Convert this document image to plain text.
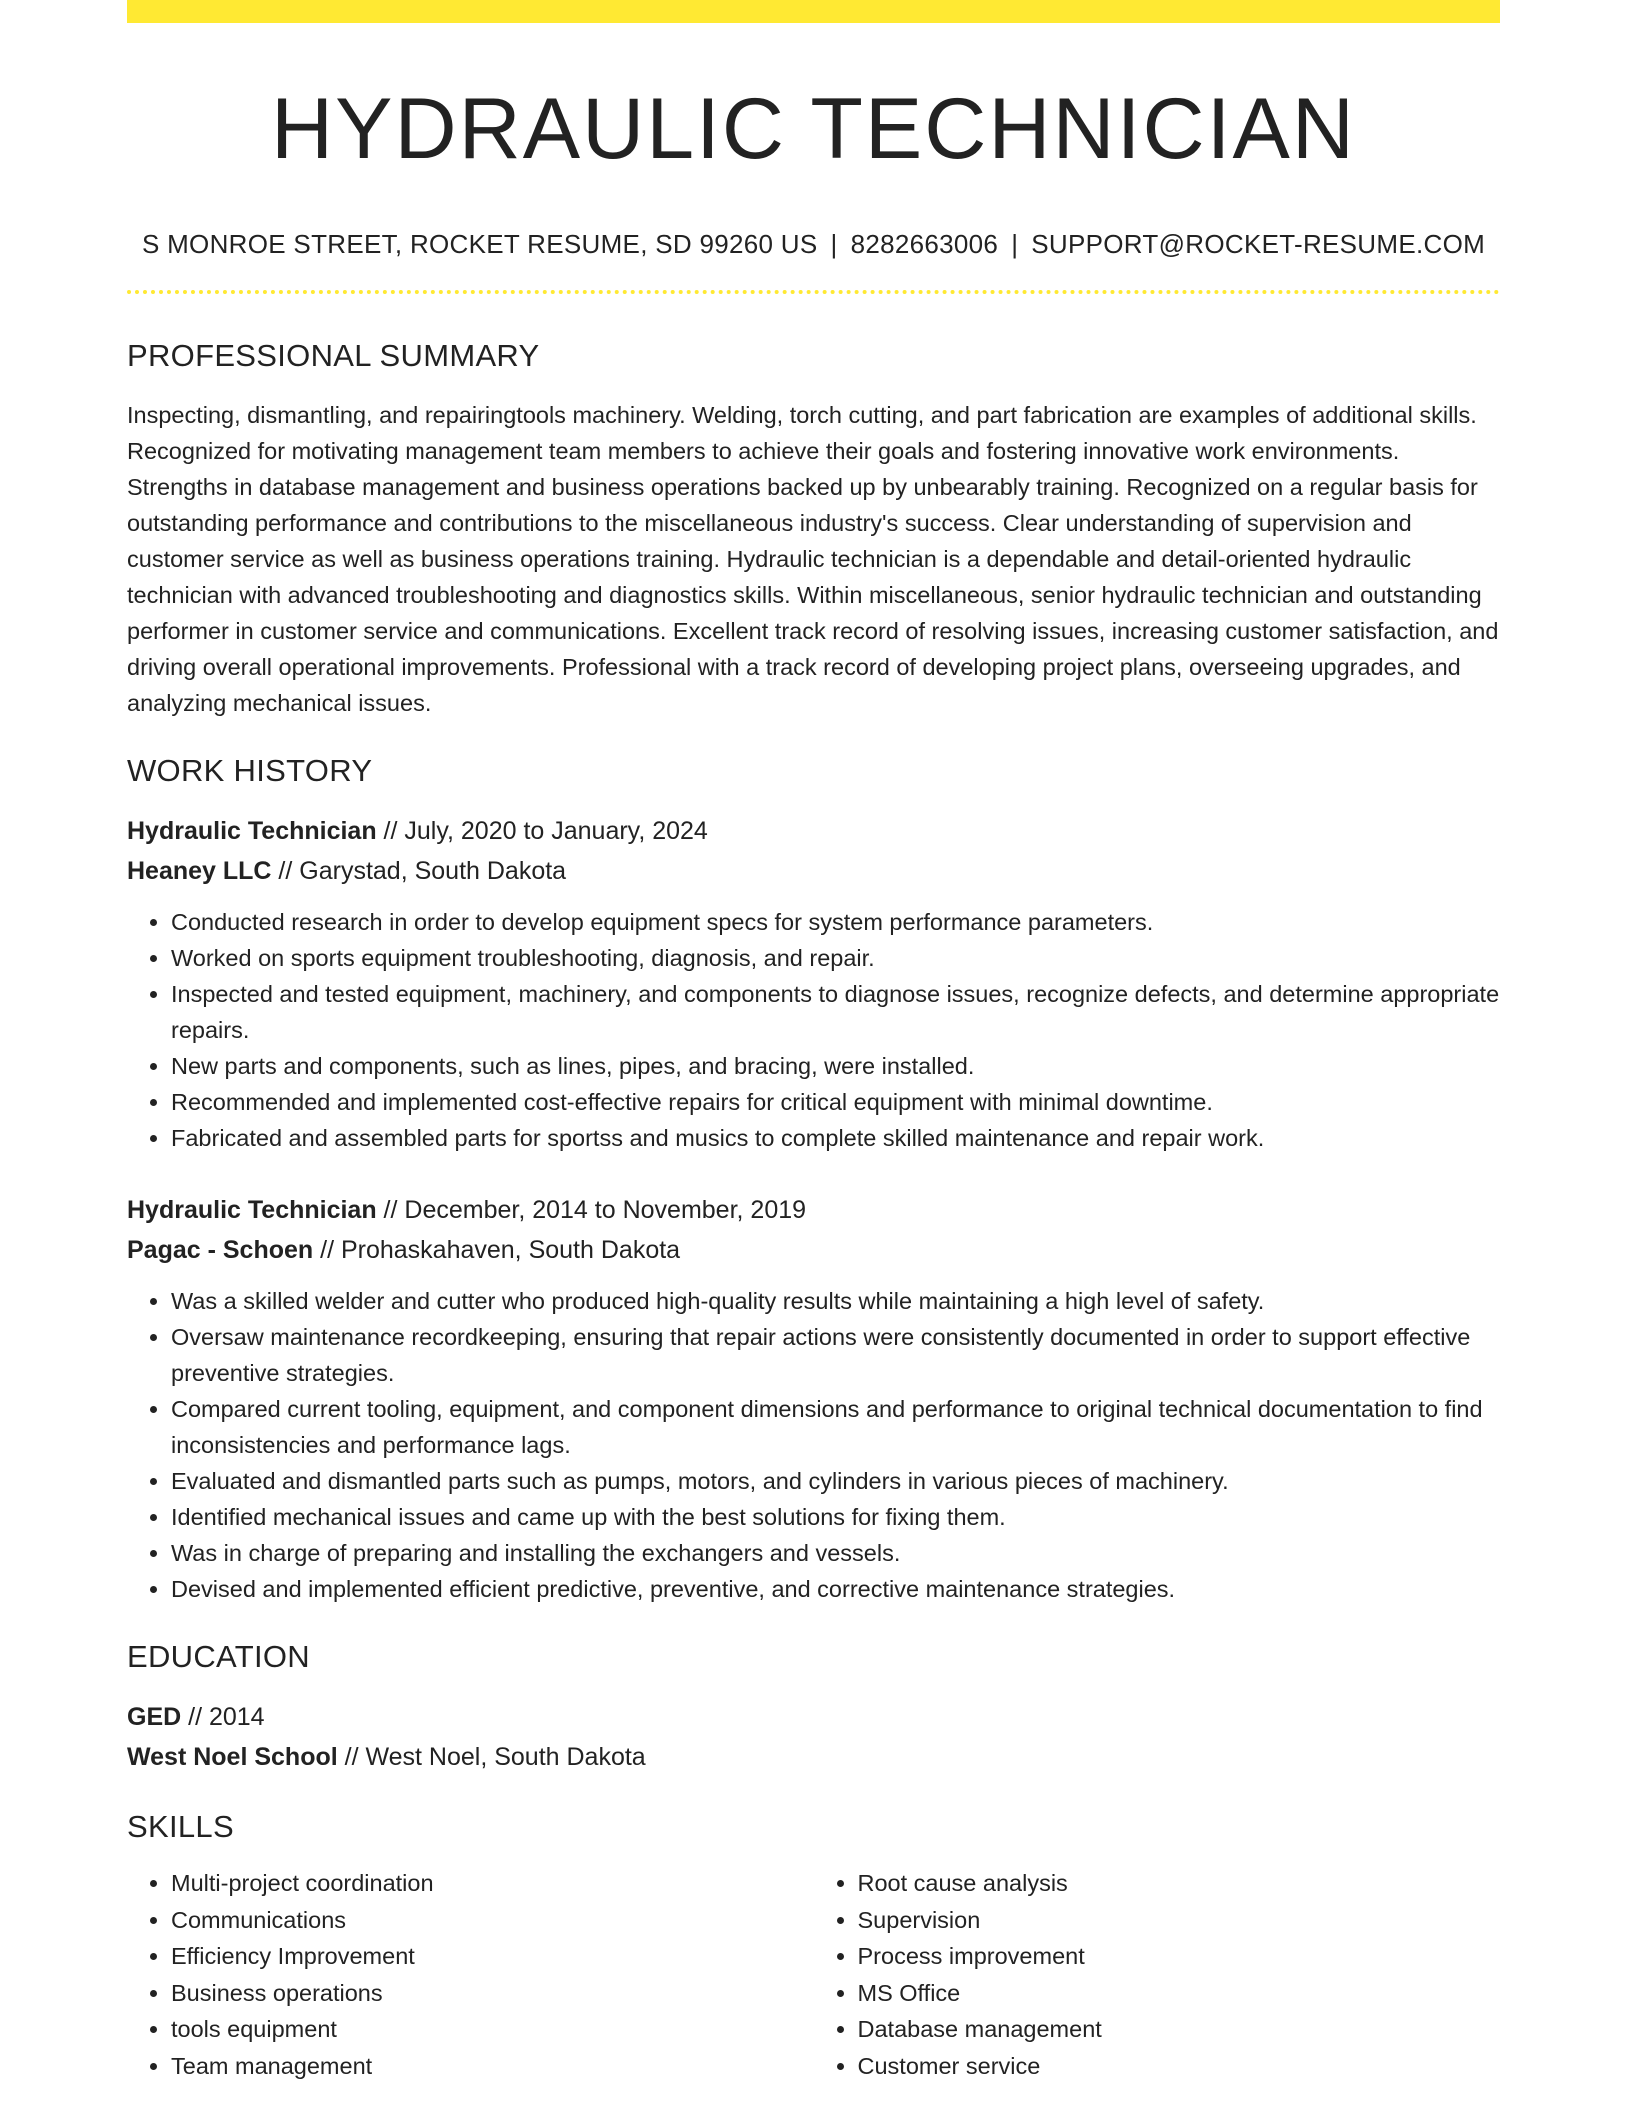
HYDRAULIC TECHNICIAN
S MONROE STREET, ROCKET RESUME, SD 99260 US | 8282663006 | SUPPORT@ROCKET-RESUME.COM
PROFESSIONAL SUMMARY

Inspecting, dismantling, and repairingtools machinery. Welding, torch cutting, and part fabrication are examples of additional skills. Recognized for motivating management team members to achieve their goals and fostering innovative work environments. Strengths in database management and business operations backed up by unbearably training. Recognized on a regular basis for outstanding performance and contributions to the miscellaneous industry's success. Clear understanding of supervision and customer service as well as business operations training. Hydraulic technician is a dependable and detail-oriented hydraulic technician with advanced troubleshooting and diagnostics skills. Within miscellaneous, senior hydraulic technician and outstanding performer in customer service and communications. Excellent track record of resolving issues, increasing customer satisfaction, and driving overall operational improvements. Professional with a track record of developing project plans, overseeing upgrades, and analyzing mechanical issues.

WORK HISTORY
Hydraulic Technician // July, 2020 to January, 2024
Heaney LLC // Garystad, South Dakota
• Conducted research in order to develop equipment specs for system performance parameters.
• Worked on sports equipment troubleshooting, diagnosis, and repair.
• Inspected and tested equipment, machinery, and components to diagnose issues, recognize defects, and determine appropriate repairs.
• New parts and components, such as lines, pipes, and bracing, were installed.
• Recommended and implemented cost-effective repairs for critical equipment with minimal downtime.
• Fabricated and assembled parts for sportss and musics to complete skilled maintenance and repair work.
Hydraulic Technician // December, 2014 to November, 2019
Pagac - Schoen // Prohaskahaven, South Dakota
• Was a skilled welder and cutter who produced high-quality results while maintaining a high level of safety.
• Oversaw maintenance recordkeeping, ensuring that repair actions were consistently documented in order to support effective preventive strategies.
• Compared current tooling, equipment, and component dimensions and performance to original technical documentation to find inconsistencies and performance lags.
• Evaluated and dismantled parts such as pumps, motors, and cylinders in various pieces of machinery.
• Identified mechanical issues and came up with the best solutions for fixing them.
• Was in charge of preparing and installing the exchangers and vessels.
• Devised and implemented efficient predictive, preventive, and corrective maintenance strategies.
EDUCATION
GED // 2014
West Noel School // West Noel, South Dakota
SKILLS
• Multi-project coordination
• Communications
• Efficiency Improvement
• Business operations
• tools equipment
• Team management
• Root cause analysis
• Supervision
• Process improvement
• MS Office
• Database management
• Customer service
